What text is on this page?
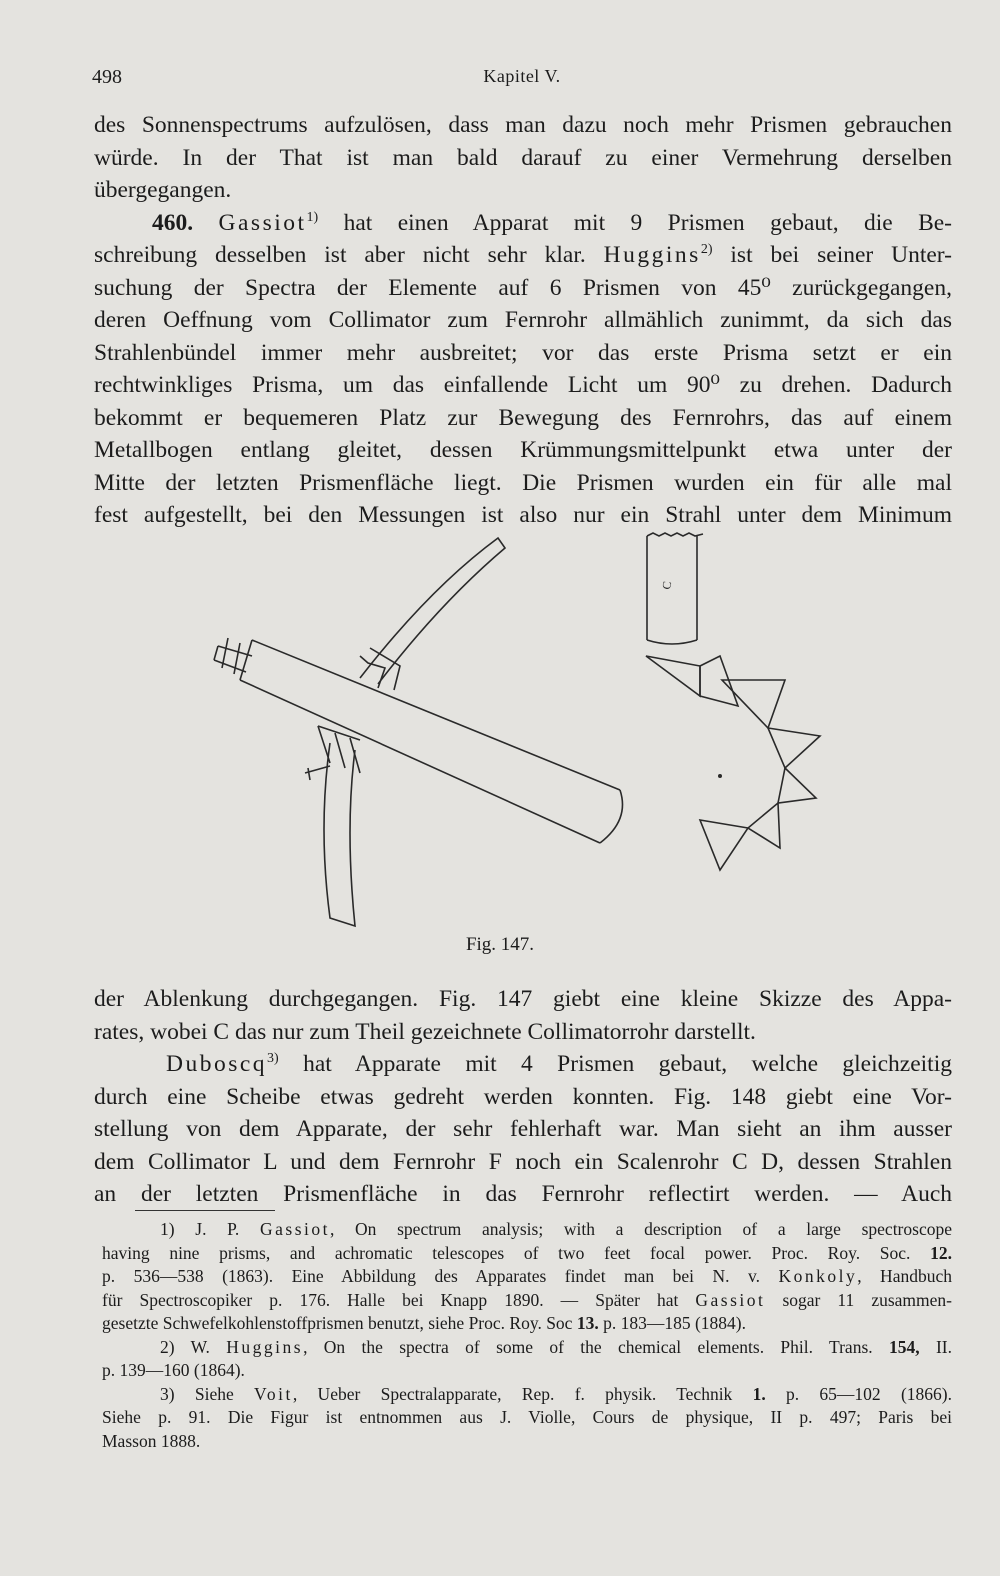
498	Kapitel V.
des Sonnenspectrums aufzulösen, dass man dazu noch mehr Prismen gebrauchen
würde. In der That ist man bald darauf zu einer Vermehrung derselben
übergegangen.
460. Gassiot$^{1)}$ hat einen Apparat mit 9 Prismen gebaut, die Be-
schreibung desselben ist aber nicht sehr klar. Huggins$^{2)}$ ist bei seiner Unter-
suchung der Spectra der Elemente auf 6 Prismen von 45⁰ zurückgegangen,
deren Oeffnung vom Collimator zum Fernrohr allmählich zunimmt, da sich das
Strahlenbündel immer mehr ausbreitet; vor das erste Prisma setzt er ein
rechtwinkliges Prisma, um das einfallende Licht um 90⁰ zu drehen. Dadurch
bekommt er bequemeren Platz zur Bewegung des Fernrohrs, das auf einem
Metallbogen entlang gleitet, dessen Krümmungsmittelpunkt etwa unter der
Mitte der letzten Prismenfläche liegt. Die Prismen wurden ein für alle mal
fest aufgestellt, bei den Messungen ist also nur ein Strahl unter dem Minimum
C
Fig. 147.
der Ablenkung durchgegangen. Fig. 147 giebt eine kleine Skizze des Appa-
rates, wobei C das nur zum Theil gezeichnete Collimatorrohr darstellt.
Duboscq$^{3)}$ hat Apparate mit 4 Prismen gebaut, welche gleichzeitig
durch eine Scheibe etwas gedreht werden konnten. Fig. 148 giebt eine Vor-
stellung von dem Apparate, der sehr fehlerhaft war. Man sieht an ihm ausser
dem Collimator L und dem Fernrohr F noch ein Scalenrohr C D, dessen Strahlen
an der letzten Prismenfläche in das Fernrohr reflectirt werden. — Auch
1) J. P. Gassiot, On spectrum analysis; with a description of a large spectroscope
having nine prisms, and achromatic telescopes of two feet focal power. Proc. Roy. Soc. 12.
p. 536—538 (1863). Eine Abbildung des Apparates findet man bei N. v. Konkoly, Handbuch
für Spectroscopiker p. 176. Halle bei Knapp 1890. — Später hat Gassiot sogar 11 zusammen-
gesetzte Schwefelkohlenstoffprismen benutzt, siehe Proc. Roy. Soc 13. p. 183—185 (1884).
2) W. Huggins, On the spectra of some of the chemical elements. Phil. Trans. 154, II.
p. 139—160 (1864).
3) Siehe Voit, Ueber Spectralapparate, Rep. f. physik. Technik 1. p. 65—102 (1866).
Siehe p. 91. Die Figur ist entnommen aus J. Violle, Cours de physique, II p. 497; Paris bei
Masson 1888.
